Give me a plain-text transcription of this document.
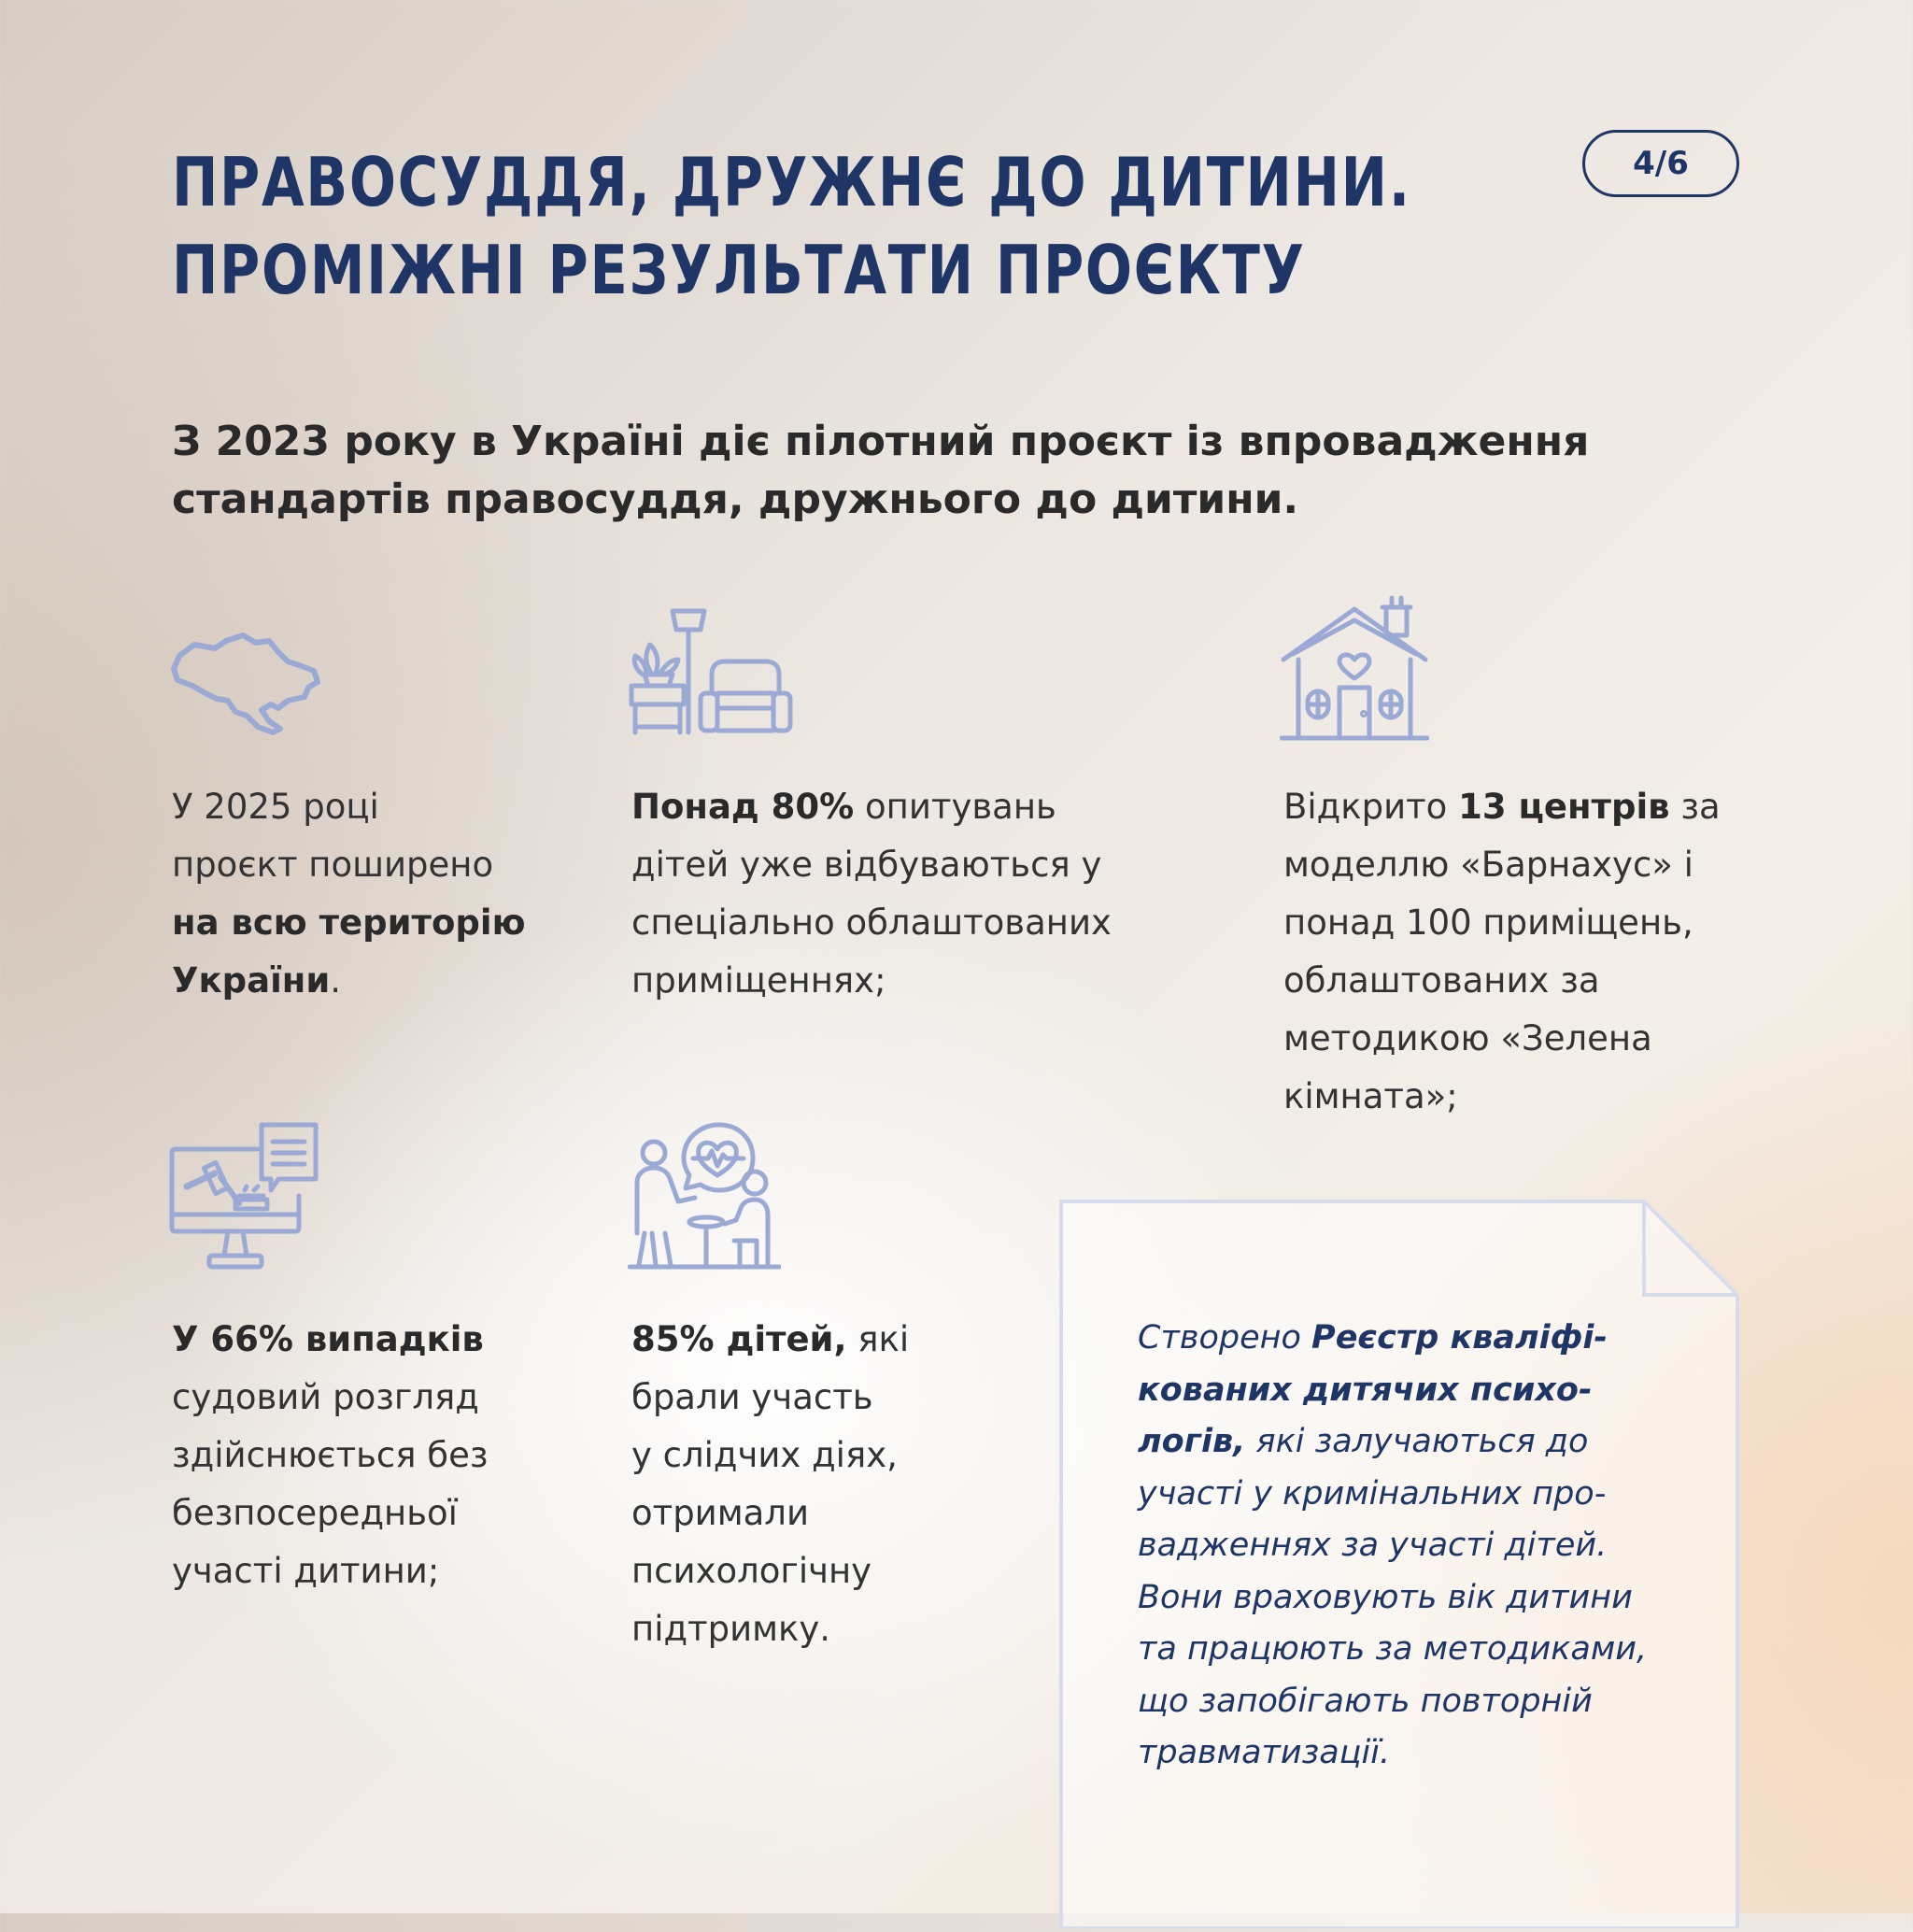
ПРАВОСУДДЯ, ДРУЖНЄ ДО ДИТИНИ.
ПРОМІЖНІ РЕЗУЛЬТАТИ ПРОЄКТУ
4/6

З 2023 року в Україні діє пілотний проєкт із впровадження стандартів правосуддя, дружнього до дитини.

У 2025 році
проєкт поширено
на всю територію
України.
Понад 80% опитувань
дітей уже відбуваються у
спеціально облаштованих
приміщеннях;
Відкрито 13 центрів за
моделлю «Барнахус» і
понад 100 приміщень,
облаштованих за
методикою «Зелена
кімната»;
У 66% випадків
судовий розгляд
здійснюється без
безпосередньої
участі дитини;
85% дітей, які
брали участь
у слідчих діях,
отримали
психологічну
підтримку.
Створено Реєстр кваліфі-
кованих дитячих психо-
логів, які залучаються до
участі у кримінальних про-
вадженнях за участі дітей.
Вони враховують вік дитини
та працюють за методиками,
що запобігають повторній
травматизації.
